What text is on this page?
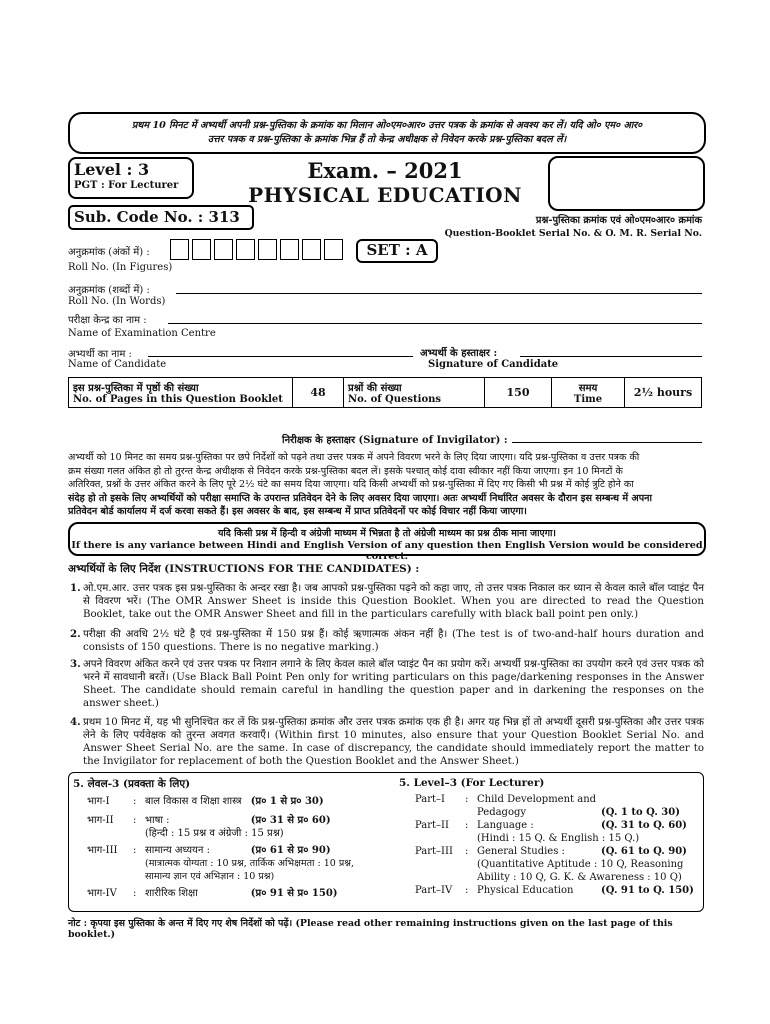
प्रथम 10 मिनट में अभ्यर्थी अपनी प्रश्न-पुस्तिका के क्रमांक का मिलान ओ०एम०आर० उत्तर पत्रक के क्रमांक से अवश्य कर लें। यदि ओ० एम० आर०
उत्तर पत्रक व प्रश्न-पुस्तिका के क्रमांक भिन्न हैं तो केन्द्र अधीक्षक से निवेदन करके प्रश्न-पुस्तिका बदल लें।
Level : 3
PGT : For Lecturer
Exam. – 2021
PHYSICAL EDUCATION
Sub. Code No. : 313	प्रश्न-पुस्तिका क्रमांक एवं ओ०एम०आर० क्रमांक
Question-Booklet Serial No. & O. M. R. Serial No.
अनुक्रमांक (अंकों में) :	SET : A
Roll No. (In Figures)
अनुक्रमांक (शब्दों में) :
Roll No. (In Words)
परीक्षा केन्द्र का नाम :
Name of Examination Centre
अभ्यर्थी का नाम :	अभ्यर्थी के हस्ताक्षर :
Name of Candidate	Signature of Candidate
इस प्रश्न-पुस्तिका में पृष्ठों की संख्या
No. of Pages in this Question Booklet
	48	प्रश्नों की संख्या
No. of Questions
	150	समय
Time
	2½ hours
निरीक्षक के हस्ताक्षर (Signature of Invigilator) :
अभ्यर्थी को 10 मिनट का समय प्रश्न-पुस्तिका पर छपे निर्देशों को पढ़ने तथा उत्तर पत्रक में अपने विवरण भरने के लिए दिया जाएगा। यदि प्रश्न-पुस्तिका व उत्तर पत्रक की
क्रम संख्या गलत अंकित हो तो तुरन्त केन्द्र अधीक्षक से निवेदन करके प्रश्न-पुस्तिका बदल लें। इसके पश्चात् कोई दावा स्वीकार नहीं किया जाएगा। इन 10 मिनटों के
अतिरिक्त, प्रश्नों के उत्तर अंकित करने के लिए पूरे 2½ घंटे का समय दिया जाएगा। यदि किसी अभ्यर्थी को प्रश्न-पुस्तिका में दिए गए किसी भी प्रश्न में कोई त्रुटि होने का
संदेह हो तो इसके लिए अभ्यर्थियों को परीक्षा समाप्ति के उपरान्त प्रतिवेदन देने के लिए अवसर दिया जाएगा। अतः अभ्यर्थी निर्धारित अवसर के दौरान इस सम्बन्ध में अपना
प्रतिवेदन बोर्ड कार्यालय में दर्ज करवा सकते हैं। इस अवसर के बाद, इस सम्बन्ध में प्राप्त प्रतिवेदनों पर कोई विचार नहीं किया जाएगा।
यदि किसी प्रश्न में हिन्दी व अंग्रेजी माध्यम में भिन्नता है तो अंग्रेजी माध्यम का प्रश्न ठीक माना जाएगा।
If there is any variance between Hindi and English Version of any question then English Version would be considered correct.
अभ्यर्थियों के लिए निर्देश (INSTRUCTIONS FOR THE CANDIDATES) :
1. ओ.एम.आर. उत्तर पत्रक इस प्रश्न-पुस्तिका के अन्दर रखा है। जब आपको प्रश्न-पुस्तिका पढ़ने को कहा जाए, तो उत्तर पत्रक निकाल कर ध्यान से केवल काले बॉल प्वाइंट पैन से विवरण भरें। (The OMR Answer Sheet is inside this Question Booklet. When you are directed to read the Question Booklet, take out the OMR Answer Sheet and fill in the particulars carefully with black ball point pen only.)
2. परीक्षा की अवधि 2½ घंटे है एवं प्रश्न-पुस्तिका में 150 प्रश्न हैं। कोई ऋणात्मक अंकन नहीं है। (The test is of two-and-half hours duration and consists of 150 questions. There is no negative marking.)
3. अपने विवरण अंकित करने एवं उत्तर पत्रक पर निशान लगाने के लिए केवल काले बॉल प्वाइंट पैन का प्रयोग करें। अभ्यर्थी प्रश्न-पुस्तिका का उपयोग करने एवं उत्तर पत्रक को भरने में सावधानी बरतें। (Use Black Ball Point Pen only for writing particulars on this page/darkening responses in the Answer Sheet. The candidate should remain careful in handling the question paper and in darkening the responses on the answer sheet.)
4. प्रथम 10 मिनट में, यह भी सुनिश्चित कर लें कि प्रश्न-पुस्तिका क्रमांक और उत्तर पत्रक क्रमांक एक ही है। अगर यह भिन्न हों तो अभ्यर्थी दूसरी प्रश्न-पुस्तिका और उत्तर पत्रक लेने के लिए पर्यवेक्षक को तुरन्त अवगत करवाएँ। (Within first 10 minutes, also ensure that your Question Booklet Serial No. and Answer Sheet Serial No. are the same. In case of discrepancy, the candidate should immediately report the matter to the Invigilator for replacement of both the Question Booklet and the Answer Sheet.)
5. लेवल-3 (प्रवक्ता के लिए)
भाग-I	:	बाल विकास व शिक्षा शास्त्र	(प्र० 1 से प्र० 30)

भाग-II	:	भाषा :	(प्र० 31 से प्र० 60)
		(हिन्दी : 15 प्रश्न व अंग्रेजी : 15 प्रश्न)	

भाग-III	:	सामान्य अध्ययन :	(प्र० 61 से प्र० 90)
		(मात्रात्मक योग्यता : 10 प्रश्न, तार्किक अभिक्षमता : 10 प्रश्न, सामान्य ज्ञान एवं अभिज्ञान : 10 प्रश्न)	

भाग-IV	:	शारीरिक शिक्षा	(प्र० 91 से प्र० 150)
5. Level–3 (For Lecturer)
Part–I	:	Child Development and Pedagogy	(Q. 1 to Q. 30)
Part–II	:	Language :	(Q. 31 to Q. 60)
		(Hindi : 15 Q. & English : 15 Q.)	
Part–III	:	General Studies :	(Q. 61 to Q. 90)
		(Quantitative Aptitude : 10 Q, Reasoning Ability : 10 Q, G. K. & Awareness : 10 Q)	
Part–IV	:	Physical Education	(Q. 91 to Q. 150)
नोट : कृपया इस पुस्तिका के अन्त में दिए गए शेष निर्देशों को पढ़ें। (Please read other remaining instructions given on the last page of this booklet.)
